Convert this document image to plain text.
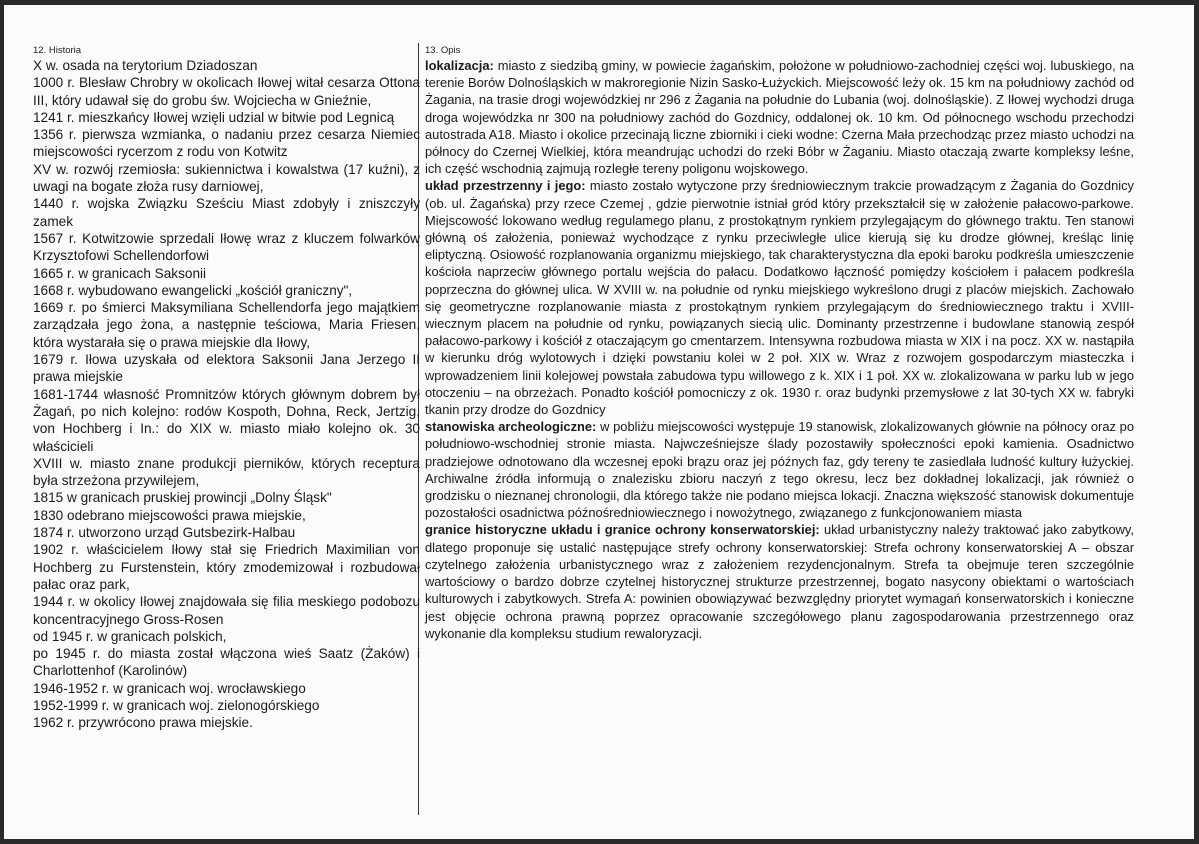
12. Historia

X w. osada na terytorium Dziadoszan

1000 r. Blesław Chrobry w okolicach Iłowej witał cesarza Ottona III, który udawał się do grobu św. Wojciecha w Gnieźnie,

1241 r. mieszkańcy Iłowej wzięli udzial w bitwie pod Legnicą

1356 r. pierwsza wzmianka, o nadaniu przez cesarza Niemiec miejscowości rycerzom z rodu von Kotwitz

XV w. rozwój rzemiosła: sukiennictwa i kowalstwa (17 kuźni), z uwagi na bogate złoża rusy darniowej,

1440 r. wojska Związku Sześciu Miast zdobyły i zniszczyły zamek

1567 r. Kotwitzowie sprzedali Iłowę wraz z kluczem folwarków Krzysztofowi Schellendorfowi

1665 r. w granicach Saksonii

1668 r. wybudowano ewangelicki „kościół graniczny",

1669 r. po śmierci Maksymiliana Schellendorfa jego majątkiem zarządzała jego żona, a następnie teściowa, Maria Friesen, która wystarała się o prawa miejskie dla Iłowy,

1679 r. Iłowa uzyskała od elektora Saksonii Jana Jerzego II prawa miejskie

1681-1744 własność Promnitzów których głównym dobrem był Żagań, po nich kolejno: rodów Kospoth, Dohna, Reck, Jertzig, von Hochberg i In.: do XIX w. miasto miało kolejno ok. 30 właścicieli

XVIII w. miasto znane produkcji pierników, których receptura była strzeżona przywilejem,

1815 w granicach pruskiej prowincji „Dolny Śląsk"

1830 odebrano miejscowości prawa miejskie,

1874 r. utworzono urząd Gutsbezirk-Halbau

1902 r. właścicielem Iłowy stał się Friedrich Maximilian von Hochberg zu Furstenstein, który zmodemizował i rozbudował pałac oraz park,

1944 r. w okolicy Iłowej znajdowała się filia meskiego podobozu koncentracyjnego Gross-Rosen

od 1945 r. w granicach polskich,

po 1945 r. do miasta został włączona wieś Saatz (Żaków) i Charlottenhof (Karolinów)

1946-1952 r. w granicach woj. wrocławskiego

1952-1999 r. w granicach woj. zielonogórskiego

1962 r. przywrócono prawa miejskie.

13. Opis

lokalizacja: miasto z siedzibą gminy, w powiecie żagańskim, położone w południowo-zachodniej części woj. lubuskiego, na terenie Borów Dolnośląskich w makroregionie Nizin Sasko-Łużyckich. Miejscowość leży ok. 15 km na południowy zachód od Żagania, na trasie drogi wojewódzkiej nr 296 z Żagania na południe do Lubania (woj. dolnośląskie). Z Iłowej wychodzi druga droga wojewódzka nr 300 na południowy zachód do Gozdnicy, oddalonej ok. 10 km. Od północnego wschodu przechodzi autostrada A18. Miasto i okolice przecinają liczne zbiorniki i cieki wodne: Czerna Mała przechodząc przez miasto uchodzi na północy do Czernej Wielkiej, która meandrując uchodzi do rzeki Bóbr w Żaganiu. Miasto otaczają zwarte kompleksy leśne, ich część wschodnią zajmują rozległe tereny poligonu wojskowego.

układ przestrzenny i jego: miasto zostało wytyczone przy średniowiecznym trakcie prowadzącym z Żagania do Gozdnicy (ob. ul. Żagańska) przy rzece Czemej , gdzie pierwotnie istniał gród który przekształcił się w założenie pałacowo-parkowe. Miejscowość lokowano według regulamego planu, z prostokątnym rynkiem przylegającym do głównego traktu. Ten stanowi główną oś założenia, ponieważ wychodzące z rynku przeciwległe ulice kierują się ku drodze głównej, kreśląc linię eliptyczną. Osiowość rozplanowania organizmu miejskiego, tak charakterystyczna dla epoki baroku podkreśla umieszczenie kościoła naprzeciw głównego portalu wejścia do pałacu. Dodatkowo łączność pomiędzy kościołem i pałacem podkreśla poprzeczna do głównej ulica. W XVIII w. na południe od rynku miejskiego wykreślono drugi z placów miejskich. Zachowało się geometryczne rozplanowanie miasta z prostokątnym rynkiem przylegającym do średniowiecznego traktu i XVIII-wiecznym placem na południe od rynku, powiązanych siecią ulic. Dominanty przestrzenne i budowlane stanowią zespół pałacowo-parkowy i kościół z otaczającym go cmentarzem. Intensywna rozbudowa miasta w XIX i na pocz. XX w. nastąpiła w kierunku dróg wylotowych i dzięki powstaniu kolei w 2 poł. XIX w. Wraz z rozwojem gospodarczym miasteczka i wprowadzeniem linii kolejowej powstała zabudowa typu willowego z k. XIX i 1 poł. XX w. zlokalizowana w parku lub w jego otoczeniu – na obrzeżach. Ponadto kościół pomocniczy z ok. 1930 r. oraz budynki przemysłowe z lat 30-tych XX w. fabryki tkanin przy drodze do Gozdnicy

stanowiska archeologiczne: w pobliżu miejscowości występuje 19 stanowisk, zlokalizowanych głównie na północy oraz po południowo-wschodniej stronie miasta. Najwcześniejsze ślady pozostawiły społeczności epoki kamienia. Osadnictwo pradziejowe odnotowano dla wczesnej epoki brązu oraz jej późnych faz, gdy tereny te zasiedlała ludność kultury łużyckiej. Archiwalne źródła informują o znalezisku zbioru naczyń z tego okresu, lecz bez dokładnej lokalizacji, jak również o grodzisku o nieznanej chronologii, dla którego także nie podano miejsca lokacji. Znaczna większość stanowisk dokumentuje pozostałości osadnictwa późnośredniowiecznego i nowożytnego, związanego z funkcjonowaniem miasta

granice historyczne układu i granice ochrony konserwatorskiej: układ urbanistyczny należy traktować jako zabytkowy, dlatego proponuje się ustalić następujące strefy ochrony konserwatorskiej: Strefa ochrony konserwatorskiej A – obszar czytelnego założenia urbanistycznego wraz z założeniem rezydencjonalnym. Strefa ta obejmuje teren szczególnie wartościowy o bardzo dobrze czytelnej historycznej strukturze przestrzennej, bogato nasycony obiektami o wartościach kulturowych i zabytkowych. Strefa A: powinien obowiązywać bezwzględny priorytet wymagań konserwatorskich i konieczne jest objęcie ochrona prawną poprzez opracowanie szczegółowego planu zagospodarowania przestrzennego oraz wykonanie dla kompleksu studium rewaloryzacji.
